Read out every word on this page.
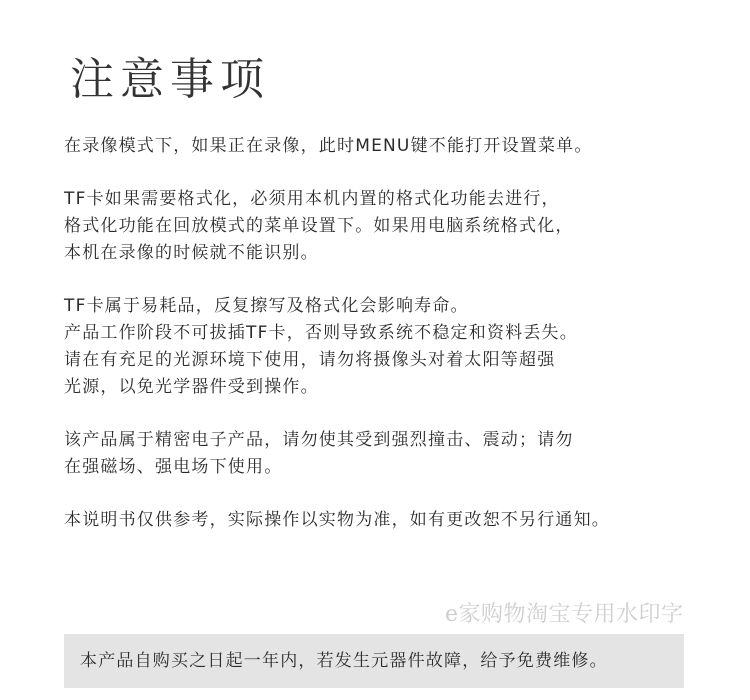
注意事项
在录像模式下，如果正在录像，此时MENU键不能打开设置菜单。
TF卡如果需要格式化，必须用本机内置的格式化功能去进行，
格式化功能在回放模式的菜单设置下。如果用电脑系统格式化，
本机在录像的时候就不能识别。
TF卡属于易耗品，反复擦写及格式化会影响寿命。
产品工作阶段不可拔插TF卡，否则导致系统不稳定和资料丢失。
请在有充足的光源环境下使用，请勿将摄像头对着太阳等超强
光源，以免光学器件受到操作。
该产品属于精密电子产品，请勿使其受到强烈撞击、震动；请勿
在强磁场、强电场下使用。
本说明书仅供参考，实际操作以实物为准，如有更改恕不另行通知。
e家购物淘宝专用水印字
本产品自购买之日起一年内，若发生元器件故障，给予免费维修。
